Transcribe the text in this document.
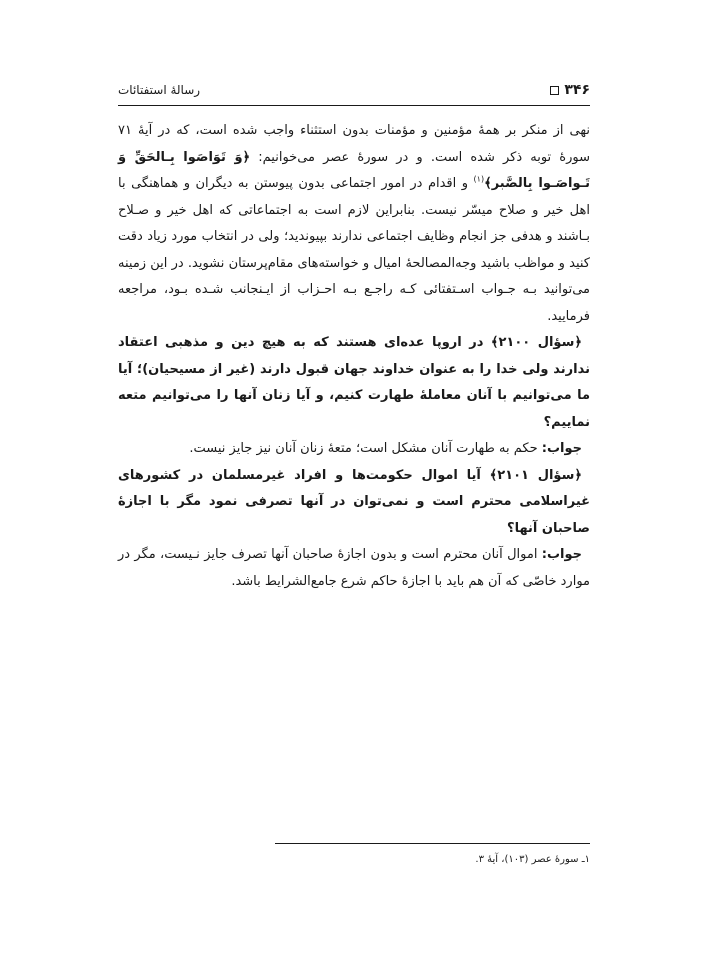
۳۴۶
رسالهٔ استفتائات

نهی از منکر بر همهٔ مؤمنین و مؤمنات بدون استثناء واجب شده است، که در آیهٔ ۷۱ سورهٔ توبه ذکر شده است. و در سورهٔ عصر می‌خوانیم: ﴿وَ تَوَاصَوا بِـالحَقِّ وَ تَـواصَـوا بِالصَّبر﴾$^{(۱)}$ و اقدام در امور اجتماعی بدون پیوستن به دیگران و هماهنگی با اهل خیر و صلاح میسّر نیست. بنابراین لازم است به اجتماعاتی که اهل خیر و صـلاح بـاشند و هدفی جز انجام وظایف اجتماعی ندارند بپیوندید؛ ولی در انتخاب مورد زیاد دقت کنید و مواظب باشید وجه‌المصالحهٔ امیال و خواسته‌های مقام‌پرستان نشوید. در این زمینه می‌توانید بـه جـواب اسـتفتائی کـه راجـع بـه احـزاب از ایـنجانب شـده بـود، مراجعه فرمایید.

﴿سؤال ۲۱۰۰﴾ در اروپا عده‌ای هستند که به هیچ دین و مذهبی اعتقاد ندارند ولی خدا را به عنوان خداوند جهان قبول دارند (غیر از مسیحیان)؛ آیا ما می‌توانیم با آنان معاملهٔ طهارت کنیم، و آیا زنان آنها را می‌توانیم متعه نماییم؟

جواب: حکم به طهارت آنان مشکل است؛ متعهٔ زنان آنان نیز جایز نیست.

﴿سؤال ۲۱۰۱﴾ آیا اموال حکومت‌ها و افراد غیرمسلمان در کشورهای غیراسلامی محترم است و نمی‌توان در آنها تصرفی نمود مگر با اجازهٔ صاحبان آنها؟

جواب: اموال آنان محترم است و بدون اجازهٔ صاحبان آنها تصرف جایز نـیست، مگر در موارد خاصّی که آن هم باید با اجازهٔ حاکم شرع جامع‌الشرایط باشد.

۱ـ سورهٔ عصر (۱۰۳)، آیهٔ ۳.
